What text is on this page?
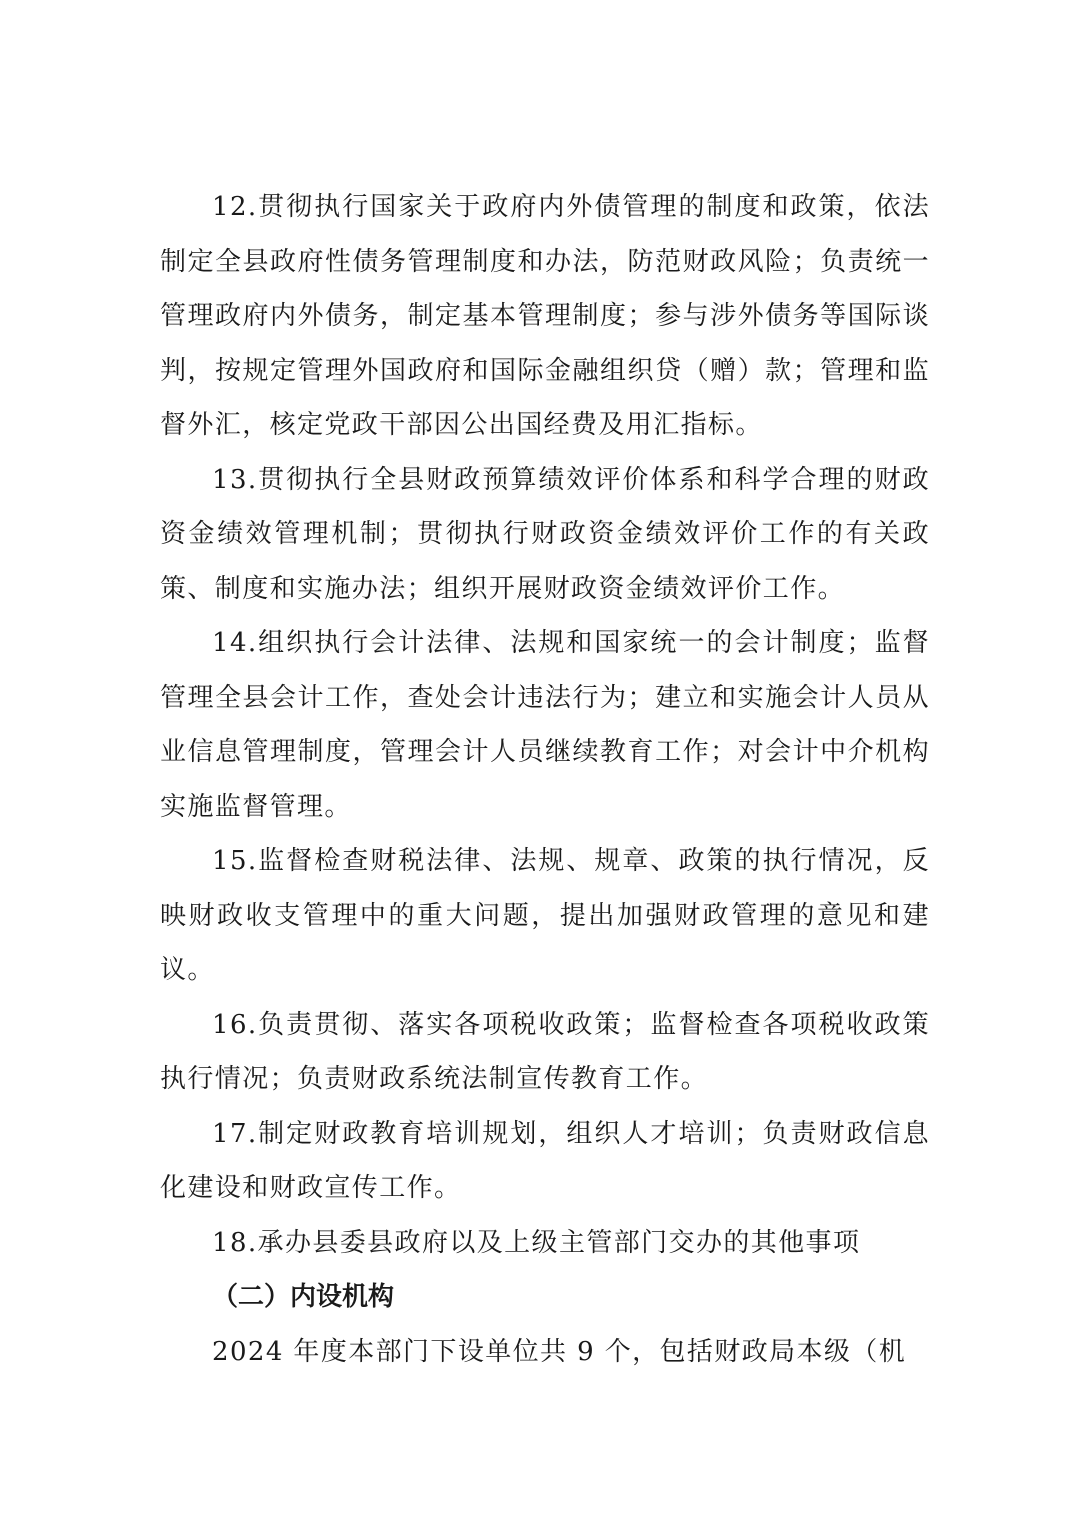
12.贯彻执行国家关于政府内外债管理的制度和政策，依法制定全县政府性债务管理制度和办法，防范财政风险；负责统一管理政府内外债务，制定基本管理制度；参与涉外债务等国际谈判，按规定管理外国政府和国际金融组织贷（赠）款；管理和监督外汇，核定党政干部因公出国经费及用汇指标。

13.贯彻执行全县财政预算绩效评价体系和科学合理的财政资金绩效管理机制；贯彻执行财政资金绩效评价工作的有关政策、制度和实施办法；组织开展财政资金绩效评价工作。

14.组织执行会计法律、法规和国家统一的会计制度；监督管理全县会计工作，查处会计违法行为；建立和实施会计人员从业信息管理制度，管理会计人员继续教育工作；对会计中介机构实施监督管理。

15.监督检查财税法律、法规、规章、政策的执行情况，反映财政收支管理中的重大问题，提出加强财政管理的意见和建议。

16.负责贯彻、落实各项税收政策；监督检查各项税收政策执行情况；负责财政系统法制宣传教育工作。

17.制定财政教育培训规划，组织人才培训；负责财政信息化建设和财政宣传工作。

18.承办县委县政府以及上级主管部门交办的其他事项

（二）内设机构

2024 年度本部门下设单位共 9 个，包括财政局本级（机
